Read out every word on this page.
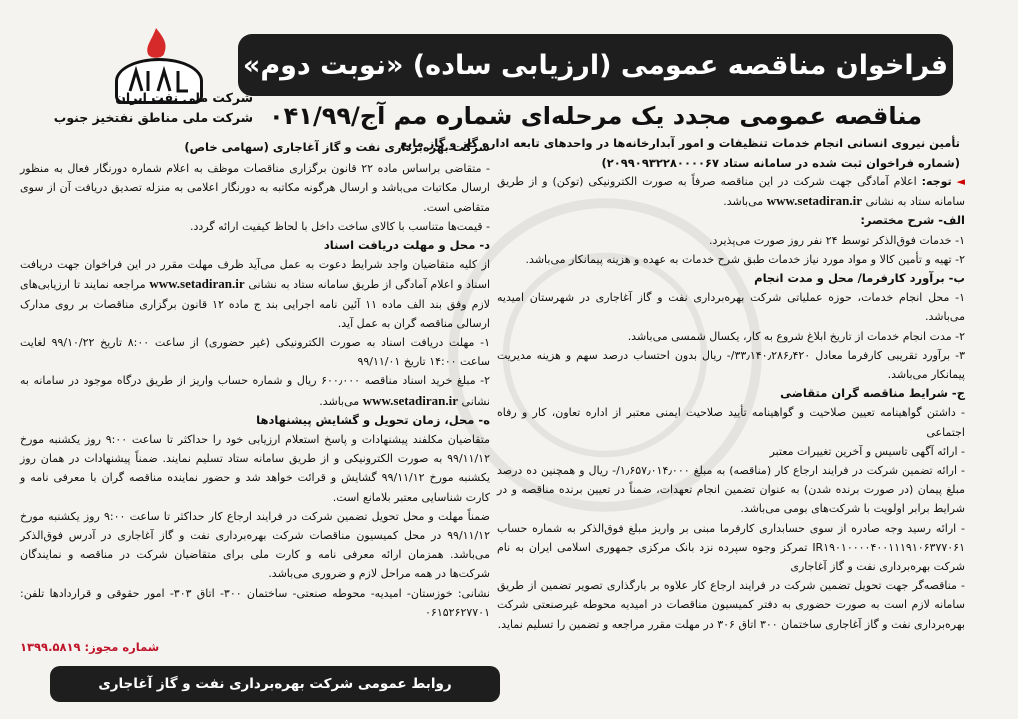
فراخوان مناقصه عمومی (ارزیابی ساده) «نوبت دوم»
مناقصه عمومی مجدد یک مرحله‌ای شماره مم آج/۰۴۱/۹۹
شرکت ملی نفت ایران
شرکت ملی مناطق نفتخیز جنوب
تأمین نیروی انسانی انجام خدمات تنظیفات و امور آبدارخانه‌ها در واحدهای تابعه اداره گاز و گاز مایع
(شماره فراخوان ثبت شده در سامانه ستاد ۲۰۹۹۰۹۳۲۲۸۰۰۰۰۶۷)

◄ توجه: اعلام آمادگی جهت شرکت در این مناقصه صرفاً به صورت الکترونیکی (توکن) و از طریق سامانه ستاد به نشانی www.setadiran.ir می‌باشد.

الف- شرح مختصر:

۱- خدمات فوق‌الذکر توسط ۲۴ نفر روز صورت می‌پذیرد.

۲- تهیه و تأمین کالا و مواد مورد نیاز خدمات طبق شرح خدمات به عهده و هزینه پیمانکار می‌باشد.

ب- برآورد کارفرما/ محل و مدت انجام

۱- محل انجام خدمات، حوزه عملیاتی شرکت بهره‌برداری نفت و گاز آغاجاری در شهرستان امیدیه می‌باشد.

۲- مدت انجام خدمات از تاریخ ابلاغ شروع به کار، یکسال شمسی می‌باشد.

۳- برآورد تقریبی کارفرما معادل ۳۳٫۱۴۰٫۲۸۶٫۴۲۰/- ریال بدون احتساب درصد سهم و هزینه مدیریت پیمانکار می‌باشد.

ج- شرایط مناقصه گران متقاضی

- داشتن گواهینامه تعیین صلاحیت و گواهینامه تأیید صلاحیت ایمنی معتبر از اداره تعاون، کار و رفاه اجتماعی

- ارائه آگهی تاسیس و آخرین تغییرات معتبر

- ارائه تضمین شرکت در فرایند ارجاع کار (مناقصه) به مبلغ ۱٫۶۵۷٫۰۱۴٫۰۰۰/- ریال و همچنین ده درصد مبلغ پیمان (در صورت برنده شدن) به عنوان تضمین انجام تعهدات، ضمناً در تعیین برنده مناقصه و در شرایط برابر اولویت با شرکت‌های بومی می‌باشد.

- ارائه رسید وجه صادره از سوی حسابداری کارفرما مبنی بر واریز مبلغ فوق‌الذکر به شماره حساب IR۱۹۰۱۰۰۰۰۴۰۰۱۱۱۹۱۰۶۳۷۷۰۶۱ تمرکز وجوه سپرده نزد بانک مرکزی جمهوری اسلامی ایران به نام شرکت بهره‌برداری نفت و گاز آغاجاری

- مناقصه‌گر جهت تحویل تضمین شرکت در فرایند ارجاع کار علاوه بر بارگذاری تصویر تضمین از طریق سامانه لازم است به صورت حضوری به دفتر کمیسیون مناقصات در امیدیه محوطه غیرصنعتی شرکت بهره‌برداری نفت و گاز آغاجاری ساختمان ۳۰۰ اتاق ۳۰۶ در مهلت مقرر مراجعه و تضمین را تسلیم نماید.

شرکت بهره‌برداری نفت و گاز آغاجاری (سهامی خاص)

- متقاضی براساس ماده ۲۲ قانون برگزاری مناقصات موظف به اعلام شماره دورنگار فعال به منظور ارسال مکاتبات می‌باشد و ارسال هرگونه مکاتبه به دورنگار اعلامی به منزله تصدیق دریافت آن از سوی متقاضی است.

- قیمت‌ها متناسب با کالای ساخت داخل با لحاظ کیفیت ارائه گردد.

د- محل و مهلت دریافت اسناد

از کلیه متقاضیان واجد شرایط دعوت به عمل می‌آید ظرف مهلت مقرر در این فراخوان جهت دریافت اسناد و اعلام آمادگی از طریق سامانه ستاد به نشانی www.setadiran.ir مراجعه نمایند تا ارزیابی‌های لازم وفق بند الف ماده ۱۱ آئین نامه اجرایی بند ج ماده ۱۲ قانون برگزاری مناقصات بر روی مدارک ارسالی مناقصه گران به عمل آید.

۱- مهلت دریافت اسناد به صورت الکترونیکی (غیر حضوری) از ساعت ۸:۰۰ تاریخ ۹۹/۱۰/۲۲ لغایت ساعت ۱۴:۰۰ تاریخ ۹۹/۱۱/۰۱

۲- مبلغ خرید اسناد مناقصه ۶۰۰٫۰۰۰ ریال و شماره حساب واریز از طریق درگاه موجود در سامانه به نشانی www.setadiran.ir می‌باشد.

ه- محل، زمان تحویل و گشایش پیشنهادها

متقاضیان مکلفند پیشنهادات و پاسخ استعلام ارزیابی خود را حداکثر تا ساعت ۹:۰۰ روز یکشنبه مورخ ۹۹/۱۱/۱۲ به صورت الکترونیکی و از طریق سامانه ستاد تسلیم نمایند. ضمناً پیشنهادات در همان روز یکشنبه مورخ ۹۹/۱۱/۱۲ گشایش و قرائت خواهد شد و حضور نماینده مناقصه گران با معرفی نامه و کارت شناسایی معتبر بلامانع است.

ضمناً مهلت و محل تحویل تضمین شرکت در فرایند ارجاع کار حداکثر تا ساعت ۹:۰۰ روز یکشنبه مورخ ۹۹/۱۱/۱۲ در محل کمیسیون مناقصات شرکت بهره‌برداری نفت و گاز آغاجاری در آدرس فوق‌الذکر می‌باشد. همزمان ارائه معرفی نامه و کارت ملی برای متقاضیان شرکت در مناقصه و نمایندگان شرکت‌ها در همه مراحل لازم و ضروری می‌باشد.

نشانی: خوزستان- امیدیه- محوطه صنعتی- ساختمان ۳۰۰- اتاق ۳۰۳- امور حقوقی و قراردادها تلفن: ۰۶۱۵۲۶۲۷۷۰۱

شماره مجوز: ۱۳۹۹.۵۸۱۹
روابط عمومی شرکت بهره‌برداری نفت و گاز آغاجاری
